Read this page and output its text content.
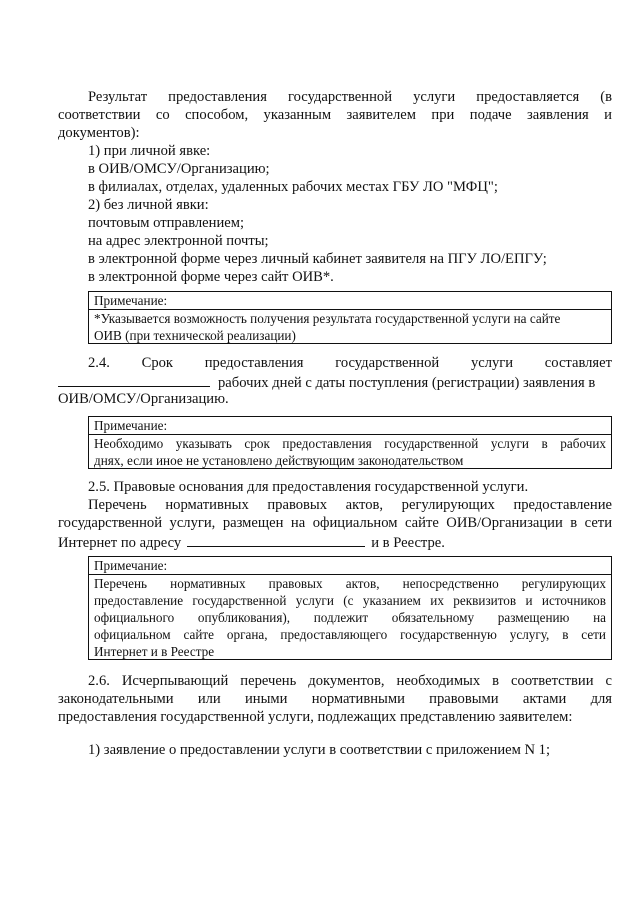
Результат предоставления государственной услуги предоставляется (в
соответствии со способом, указанным заявителем при подаче заявления и
документов):
1) при личной явке:
в ОИВ/ОМСУ/Организацию;
в филиалах, отделах, удаленных рабочих местах ГБУ ЛО "МФЦ";
2) без личной явки:
почтовым отправлением;
на адрес электронной почты;
в электронной форме через личный кабинет заявителя на ПГУ ЛО/ЕПГУ;
в электронной форме через сайт ОИВ*.
Примечание:
*Указывается возможность получения результата государственной услуги на сайте
ОИВ (при технической реализации)
2.4. Срок предоставления государственной услуги составляет
рабочих дней с даты поступления (регистрации) заявления в
ОИВ/ОМСУ/Организацию.
Примечание:
Необходимо указывать срок предоставления государственной услуги в рабочих
днях, если иное не установлено действующим законодательством
2.5. Правовые основания для предоставления государственной услуги.
Перечень нормативных правовых актов, регулирующих предоставление
государственной услуги, размещен на официальном сайте ОИВ/Организации в сети
Интернет по адресу	и в Реестре.
Примечание:
Перечень нормативных правовых актов, непосредственно регулирующих
предоставление государственной услуги (с указанием их реквизитов и источников
официального опубликования), подлежит обязательному размещению на
официальном сайте органа, предоставляющего государственную услугу, в сети
Интернет и в Реестре
2.6. Исчерпывающий перечень документов, необходимых в соответствии с
законодательными или иными нормативными правовыми актами для
предоставления государственной услуги, подлежащих представлению заявителем:
1) заявление о предоставлении услуги в соответствии с приложением N 1;
